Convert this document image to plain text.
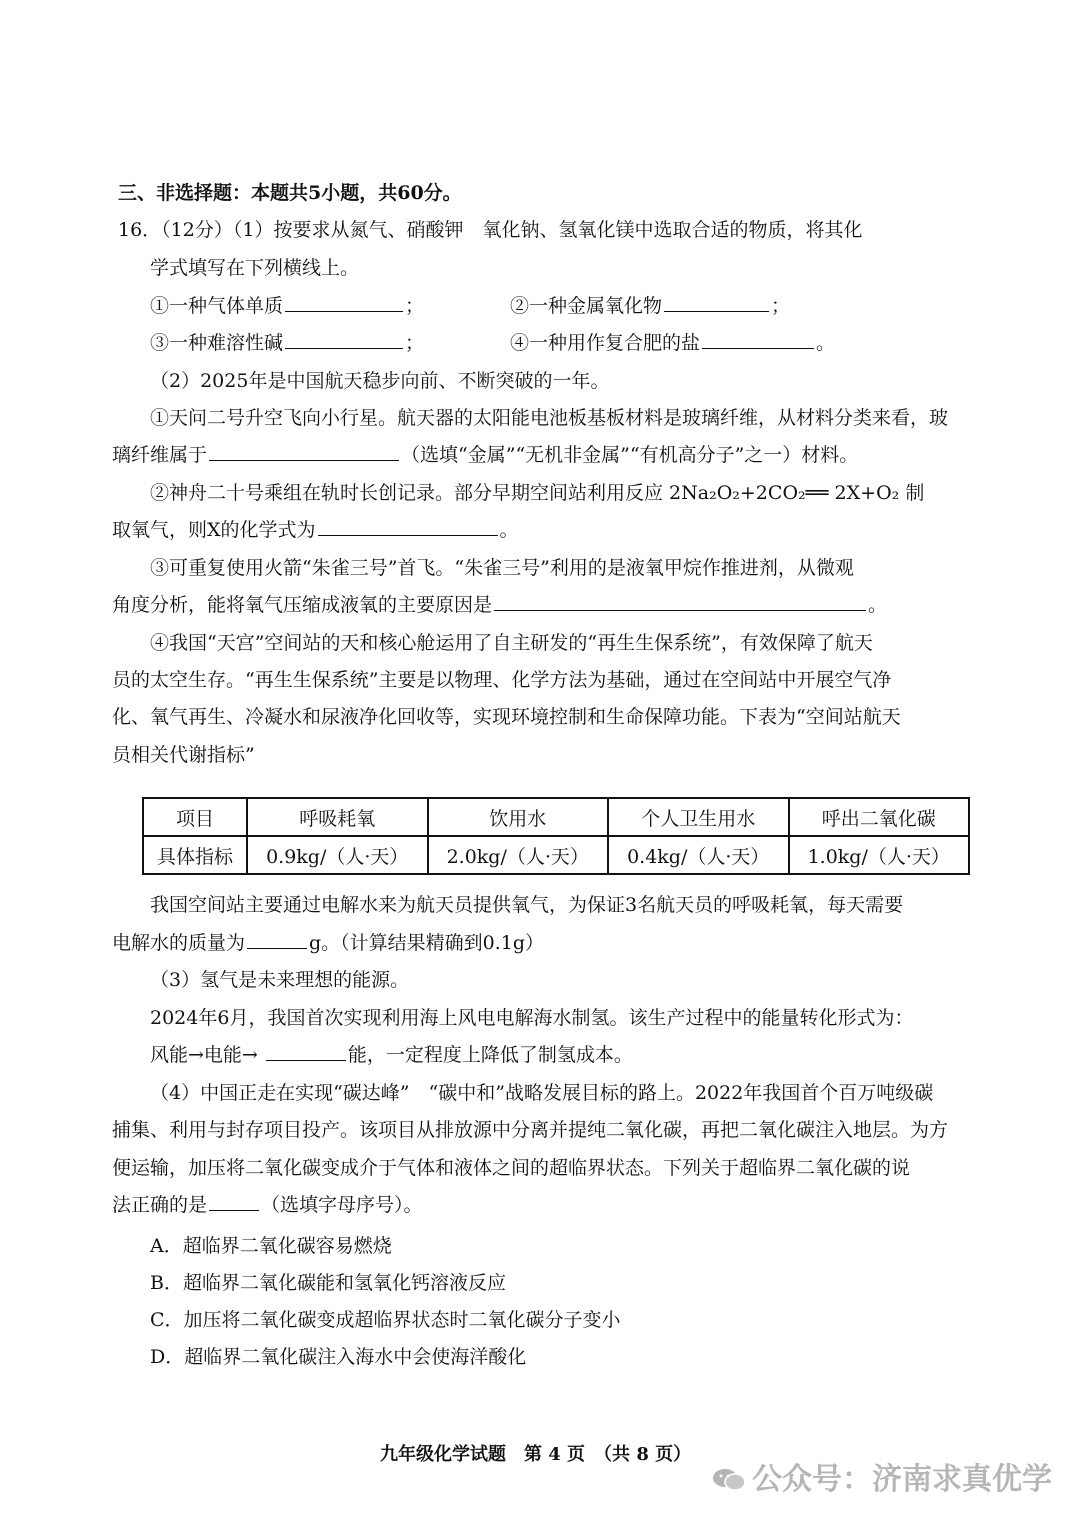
三、非选择题：本题共5小题，共60分。
16．（12分）（1）按要求从氮气、硝酸钾　氧化钠、氢氧化镁中选取合适的物质，将其化
学式填写在下列横线上。
①一种气体单质	；	②一种金属氧化物	；
③一种难溶性碱	；	④一种用作复合肥的盐	。
（2）2025年是中国航天稳步向前、不断突破的一年。
①天问二号升空飞向小行星。航天器的太阳能电池板基板材料是玻璃纤维，从材料分类来看，玻
璃纤维属于	（选填“金属”“无机非金属”“有机高分子”之一）材料。
②神舟二十号乘组在轨时长创记录。部分早期空间站利用反应 2Na₂O₂+2CO₂══ 2X+O₂ 制
取氧气，则X的化学式为	。
③可重复使用火箭“朱雀三号”首飞。“朱雀三号”利用的是液氧甲烷作推进剂，从微观
角度分析，能将氧气压缩成液氧的主要原因是	。
④我国“天宫”空间站的天和核心舱运用了自主研发的“再生生保系统”，有效保障了航天
员的太空生存。“再生生保系统”主要是以物理、化学方法为基础，通过在空间站中开展空气净
化、氧气再生、冷凝水和尿液净化回收等，实现环境控制和生命保障功能。下表为“空间站航天
员相关代谢指标”
项目	呼吸耗氧	饮用水	个人卫生用水	呼出二氧化碳
具体指标	0.9kg/（人·天）	2.0kg/（人·天）	0.4kg/（人·天）	1.0kg/（人·天）
我国空间站主要通过电解水来为航天员提供氧气，为保证3名航天员的呼吸耗氧，每天需要
电解水的质量为	g。（计算结果精确到0.1g）
（3）氢气是未来理想的能源。
2024年6月，我国首次实现利用海上风电电解海水制氢。该生产过程中的能量转化形式为：
风能→电能→	能，一定程度上降低了制氢成本。
（4）中国正走在实现“碳达峰”　“碳中和”战略发展目标的路上。2022年我国首个百万吨级碳
捕集、利用与封存项目投产。该项目从排放源中分离并提纯二氧化碳，再把二氧化碳注入地层。为方
便运输，加压将二氧化碳变成介于气体和液体之间的超临界状态。下列关于超临界二氧化碳的说
法正确的是	（选填字母序号）。
A．超临界二氧化碳容易燃烧
B．超临界二氧化碳能和氢氧化钙溶液反应
C．加压将二氧化碳变成超临界状态时二氧化碳分子变小
D．超临界二氧化碳注入海水中会使海洋酸化
九年级化学试题　第 4 页　（共 8 页）
公众号：济南求真优学
